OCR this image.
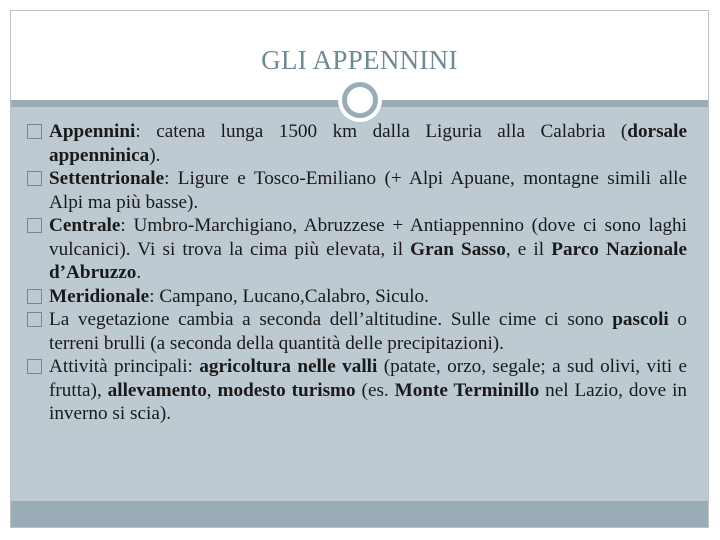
GLI APPENNINI
Appennini: catena lunga 1500 km dalla Liguria alla Calabria (dorsale appenninica).
Settentrionale: Ligure e Tosco-Emiliano (+ Alpi Apuane, montagne simili alle Alpi ma più basse).
Centrale: Umbro-Marchigiano, Abruzzese + Antiappennino (dove ci sono laghi vulcanici). Vi si trova la cima più elevata, il Gran Sasso, e il Parco Nazionale d’Abruzzo.
Meridionale: Campano, Lucano,Calabro, Siculo.
La vegetazione cambia a seconda dell’altitudine. Sulle cime ci sono pascoli o terreni brulli (a seconda della quantità delle precipitazioni).
Attività principali: agricoltura nelle valli (patate, orzo, segale; a sud olivi, viti e frutta), allevamento, modesto turismo (es. Monte Terminillo nel Lazio, dove in inverno si scia).
